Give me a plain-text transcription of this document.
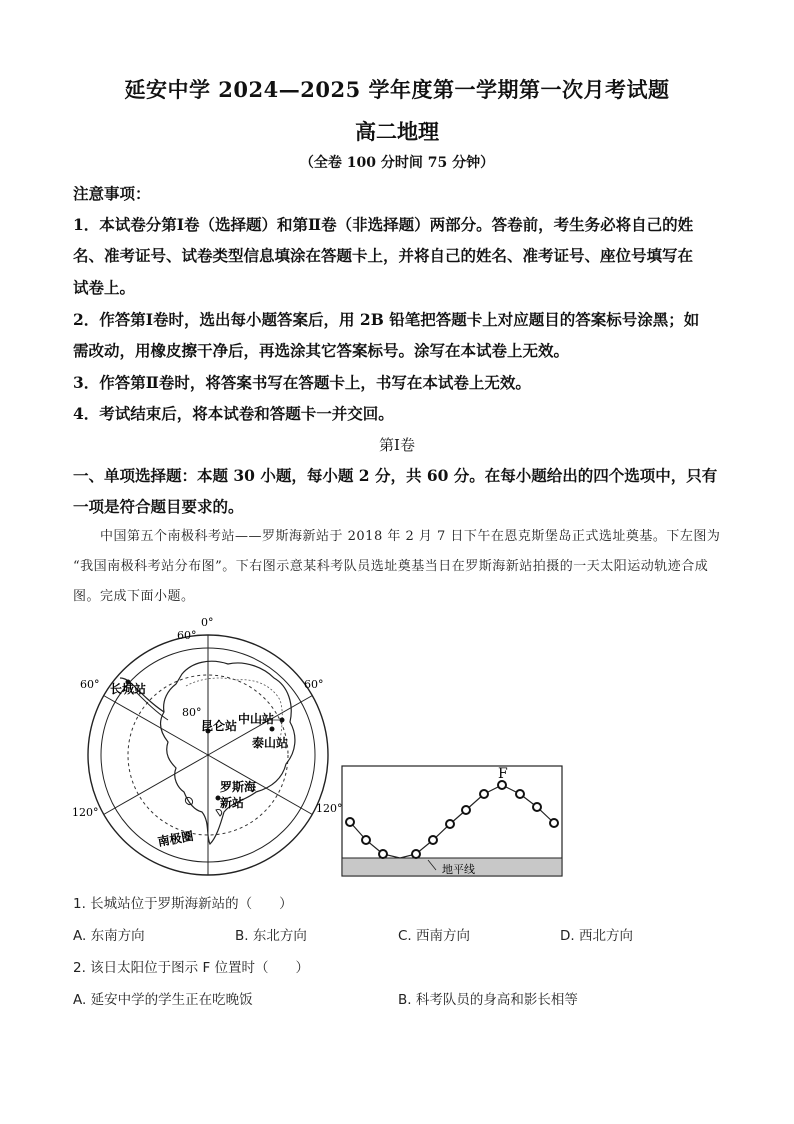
延安中学 2024—2025 学年度第一学期第一次月考试题
高二地理
（全卷 100 分时间 75 分钟）
注意事项：
1．本试卷分第Ⅰ卷（选择题）和第Ⅱ卷（非选择题）两部分。答卷前，考生务必将自己的姓
名、准考证号、试卷类型信息填涂在答题卡上，并将自己的姓名、准考证号、座位号填写在
试卷上。
2．作答第Ⅰ卷时，选出每小题答案后，用 2B 铅笔把答题卡上对应题目的答案标号涂黑；如
需改动，用橡皮擦干净后，再选涂其它答案标号。涂写在本试卷上无效。
3．作答第Ⅱ卷时，将答案书写在答题卡上，书写在本试卷上无效。
4．考试结束后，将本试卷和答题卡一并交回。
第Ⅰ卷
一、单项选择题：本题 30 小题，每小题 2 分，共 60 分。在每小题给出的四个选项中，只有
一项是符合题目要求的。
中国第五个南极科考站——罗斯海新站于 2018 年 2 月 7 日下午在恩克斯堡岛正式选址奠基。下左图为
“我国南极科考站分布图”。下右图示意某科考队员选址奠基当日在罗斯海新站拍摄的一天太阳运动轨迹合成
图。完成下面小题。
60°
0°
60°	60°
120°	120°
80°
长城站
昆仑站 中山站
泰山站
罗斯海
新站
南极圈
F
地平线
1. 长城站位于罗斯海新站的（　　）
A. 东南方向	B. 东北方向	C. 西南方向	D. 西北方向
2. 该日太阳位于图示 F 位置时（　　）
A. 延安中学的学生正在吃晚饭	B. 科考队员的身高和影长相等
